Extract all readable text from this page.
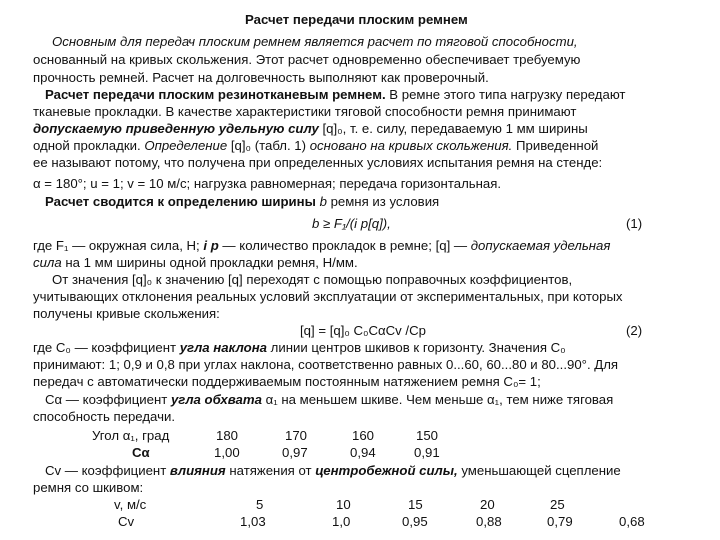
Расчет передачи плоским ремнем
Основным для передач плоским ремнем является расчет по тяговой способности,
основанный на кривых скольжения. Этот расчет одновременно обеспечивает требуемую
прочность ремней. Расчет на долговечность выполняют как проверочный.
Расчет передачи плоским резинотканевым ремнем. В ремне этого типа нагрузку передают
тканевые прокладки. В качестве характеристики тяговой способности ремня принимают
допускаемую приведенную удельную силу [q]₀, т. е. силу, передаваемую 1 мм ширины
одной прокладки. Определение [q]₀ (табл. 1) основано на кривых скольжения. Приведенной
ее называют потому, что получена при определенных условиях испытания ремня на стенде:
α = 180°; u = 1; v = 10 м/с; нагрузка равномерная; передача горизонтальная.
Расчет сводится к определению ширины b ремня из условия
b ≥ F₁/(i р[q]),	(1)
где F₁ — окружная сила, Н; i р — количество прокладок в ремне; [q] — допускаемая удельная
сила на 1 мм ширины одной прокладки ремня, Н/мм.
От значения [q]₀ к значению [q] переходят с помощью поправочных коэффициентов,
учитывающих отклонения реальных условий эксплуатации от экспериментальных, при которых
получены кривые скольжения:
[q] = [q]₀ C₀CαCv /Cр	(2)
где C₀ — коэффициент угла наклона линии центров шкивов к горизонту. Значения C₀
принимают: 1; 0,9 и 0,8 при углах наклона, соответственно равных 0...60, 60...80 и 80...90°. Для
передач с автоматически поддерживаемым постоянным натяжением ремня C₀= 1;
Cα — коэффициент угла обхвата α₁ на меньшем шкиве. Чем меньше α₁, тем ниже тяговая
способность передачи.
Угол α₁, град	180	170	160	150
Cα	1,00	0,97	0,94	0,91
Cv — коэффициент влияния натяжения от центробежной силы, уменьшающей сцепление
ремня со шкивом:
v, м/с	5	10	15	20	25
Cv	1,03	1,0	0,95	0,88	0,79	0,68
